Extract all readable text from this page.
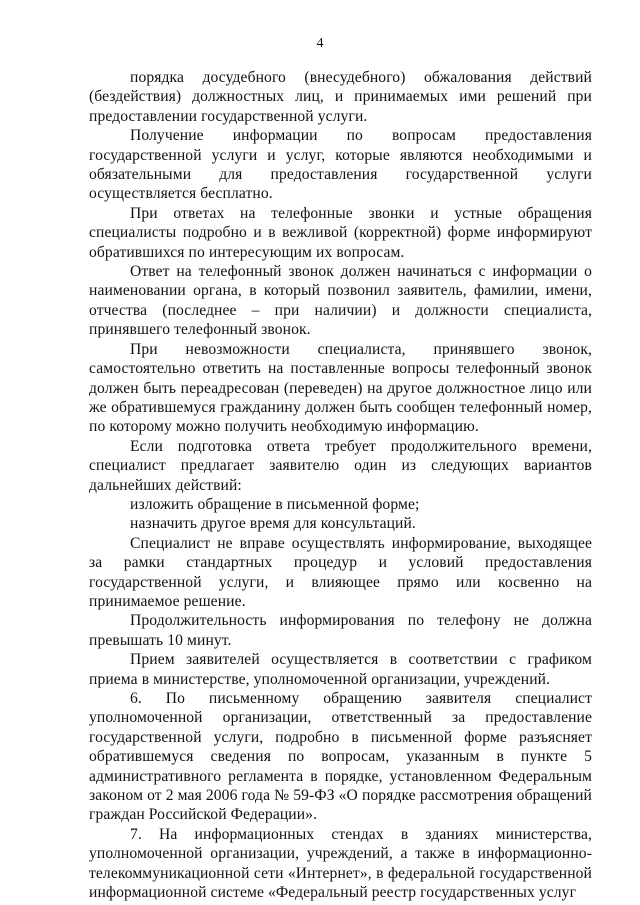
4

порядка досудебного (внесудебного) обжалования действий (бездействия) должностных лиц, и принимаемых ими решений при предоставлении государственной услуги.

Получение информации по вопросам предоставления государственной услуги и услуг, которые являются необходимыми и обязательными для предоставления государственной услуги осуществляется бесплатно.

При ответах на телефонные звонки и устные обращения специалисты подробно и в вежливой (корректной) форме информируют обратившихся по интересующим их вопросам.

Ответ на телефонный звонок должен начинаться с информации о наименовании органа, в который позвонил заявитель, фамилии, имени, отчества (последнее – при наличии) и должности специалиста, принявшего телефонный звонок.

При невозможности специалиста, принявшего звонок, самостоятельно ответить на поставленные вопросы телефонный звонок должен быть переадресован (переведен) на другое должностное лицо или же обратившемуся гражданину должен быть сообщен телефонный номер, по которому можно получить необходимую информацию.

Если подготовка ответа требует продолжительного времени, специалист предлагает заявителю один из следующих вариантов дальнейших действий:

изложить обращение в письменной форме;

назначить другое время для консультаций.

Специалист не вправе осуществлять информирование, выходящее за рамки стандартных процедур и условий предоставления государственной услуги, и влияющее прямо или косвенно на принимаемое решение.

Продолжительность информирования по телефону не должна превышать 10 минут.

Прием заявителей осуществляется в соответствии с графиком приема в министерстве, уполномоченной организации, учреждений.

6. По письменному обращению заявителя специалист уполномоченной организации, ответственный за предоставление государственной услуги, подробно в письменной форме разъясняет обратившемуся сведения по вопросам, указанным в пункте 5 административного регламента в порядке, установленном Федеральным законом от 2 мая 2006 года № 59-ФЗ «О порядке рассмотрения обращений граждан Российской Федерации».

7. На информационных стендах в зданиях министерства, уполномоченной организации, учреждений, а также в информационно-телекоммуникационной сети «Интернет», в федеральной государственной информационной системе «Федеральный реестр государственных услуг
